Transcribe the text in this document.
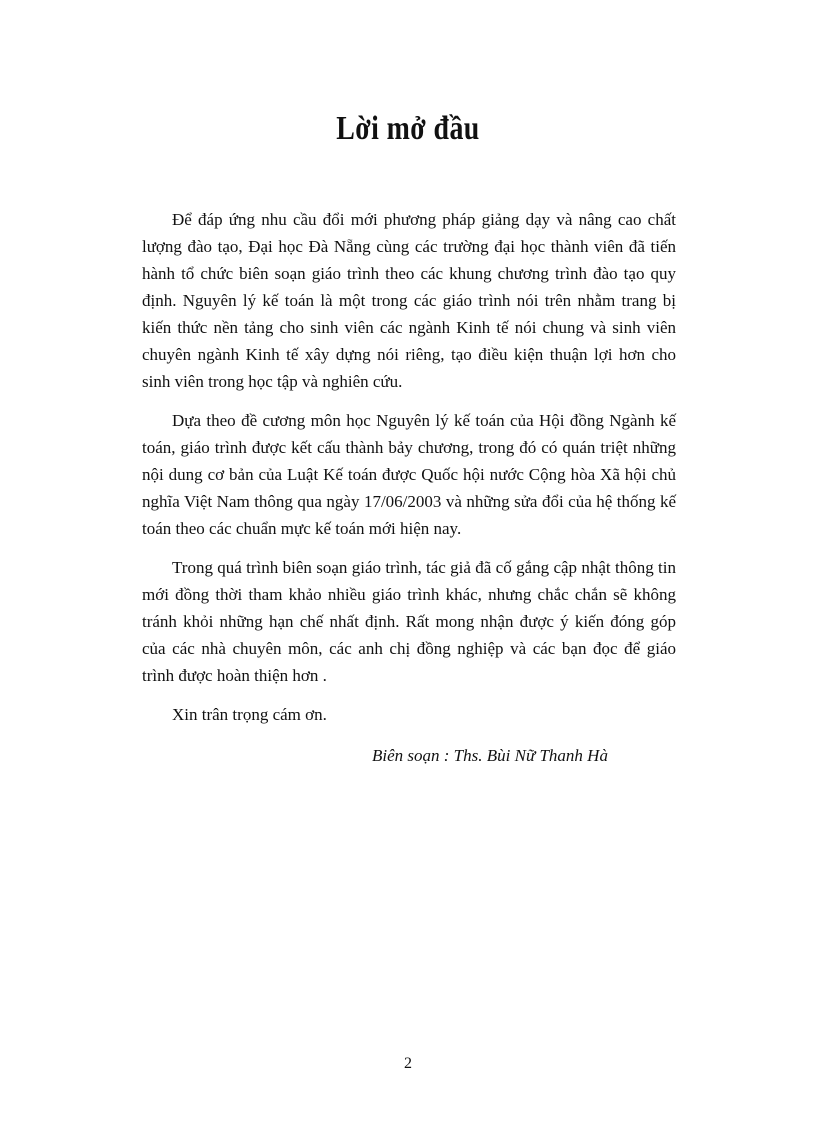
Lời mở đầu

Để đáp ứng nhu cầu đổi mới phương pháp giảng dạy và nâng cao chất lượng đào tạo, Đại học Đà Nẵng cùng các trường đại học thành viên đã tiến hành tổ chức biên soạn giáo trình theo các khung chương trình đào tạo quy định. Nguyên lý kế toán là một trong các giáo trình nói trên nhằm trang bị kiến thức nền tảng cho sinh viên các ngành Kinh tế nói chung và sinh viên chuyên ngành Kinh tế xây dựng nói riêng, tạo điều kiện thuận lợi hơn cho sinh viên trong học tập và nghiên cứu.

Dựa theo đề cương môn học Nguyên lý kế toán của Hội đồng Ngành kế toán, giáo trình được kết cấu thành bảy chương, trong đó có quán triệt những nội dung cơ bản của Luật Kế toán được Quốc hội nước Cộng hòa Xã hội chủ nghĩa Việt Nam thông qua ngày 17/06/2003 và những sửa đổi của hệ thống kế toán theo các chuẩn mực kế toán mới hiện nay.

Trong quá trình biên soạn giáo trình, tác giả đã cố gắng cập nhật thông tin mới đồng thời tham khảo nhiều giáo trình khác, nhưng chắc chắn sẽ không tránh khỏi những hạn chế nhất định. Rất mong nhận được ý kiến đóng góp của các nhà chuyên môn, các anh chị đồng nghiệp và các bạn đọc để giáo trình được hoàn thiện hơn .

Xin trân trọng cám ơn.

Biên soạn : Ths. Bùi Nữ Thanh Hà

2
